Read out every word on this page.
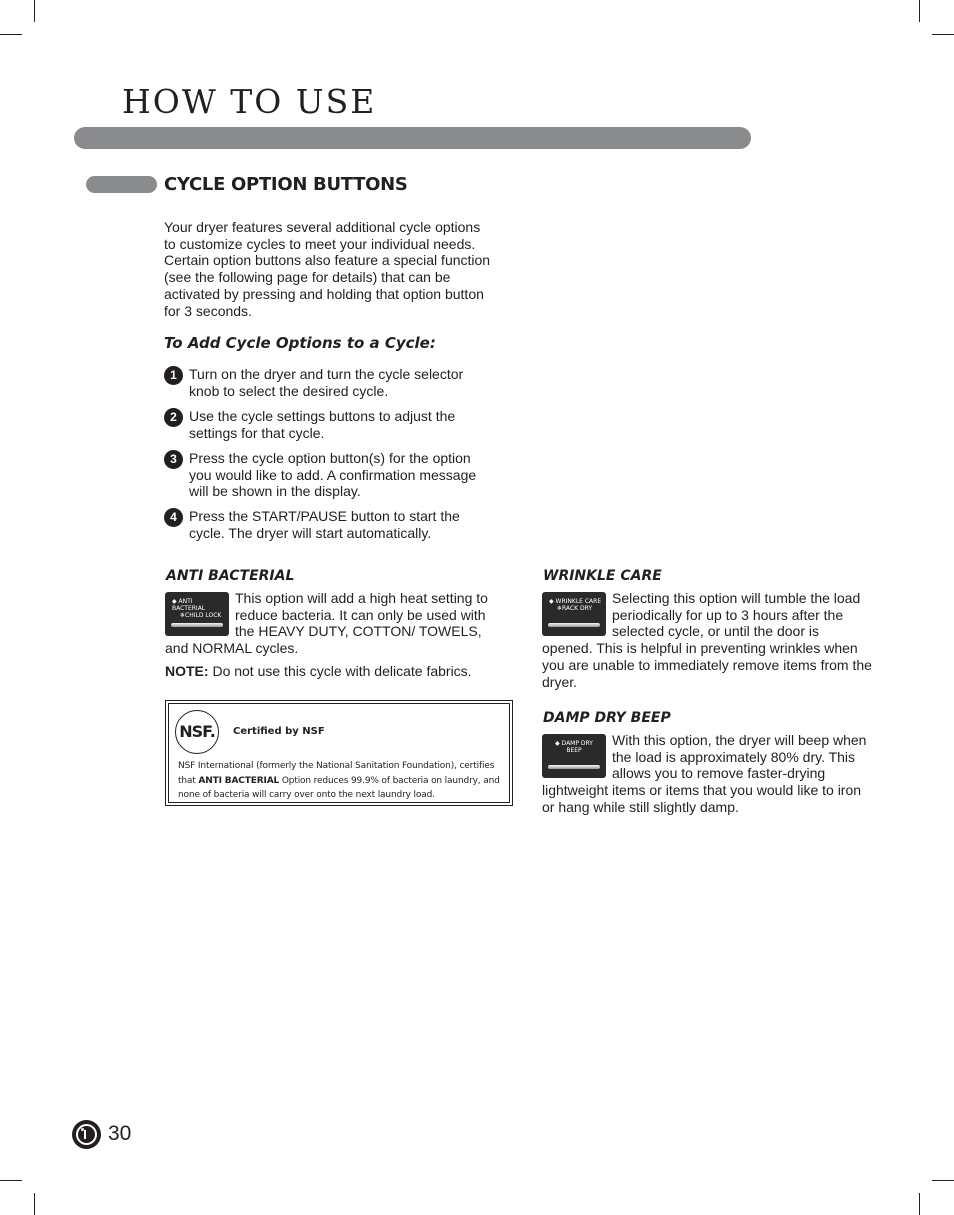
HOW TO USE
CYCLE OPTION BUTTONS

Your dryer features several additional cycle options to customize cycles to meet your individual needs. Certain option buttons also feature a special function (see the following page for details) that can be activated by pressing and holding that option button for 3 seconds.

To Add Cycle Options to a Cycle:
1 Turn on the dryer and turn the cycle selector knob to select the desired cycle.
2 Use the cycle settings buttons to adjust the settings for that cycle.
3 Press the cycle option button(s) for the option you would like to add. A confirmation message will be shown in the display.
4 Press the START/PAUSE button to start the cycle. The dryer will start automatically.
ANTI BACTERIAL
◆ ANTI BACTERIAL
❄CHILD LOCK
This option will add a high heat setting to reduce bacteria. It can only be used with the HEAVY DUTY, COTTON/ TOWELS, and NORMAL cycles.
NOTE: Do not use this cycle with delicate fabrics.
NSF.	Certified by NSF
NSF International (formerly the National Sanitation Foundation), certifies that ANTI BACTERIAL Option reduces 99.9% of bacteria on laundry, and none of bacteria will carry over onto the next laundry load.
WRINKLE CARE
◆ WRINKLE CARE
❄RACK DRY
Selecting this option will tumble the load periodically for up to 3 hours after the selected cycle, or until the door is opened. This is helpful in preventing wrinkles when you are unable to immediately remove items from the dryer.
DAMP DRY BEEP
◆ DAMP DRY
BEEP
With this option, the dryer will beep when the load is approximately 80% dry. This allows you to remove faster-drying lightweight items or items that you would like to iron or hang while still slightly damp.
30
